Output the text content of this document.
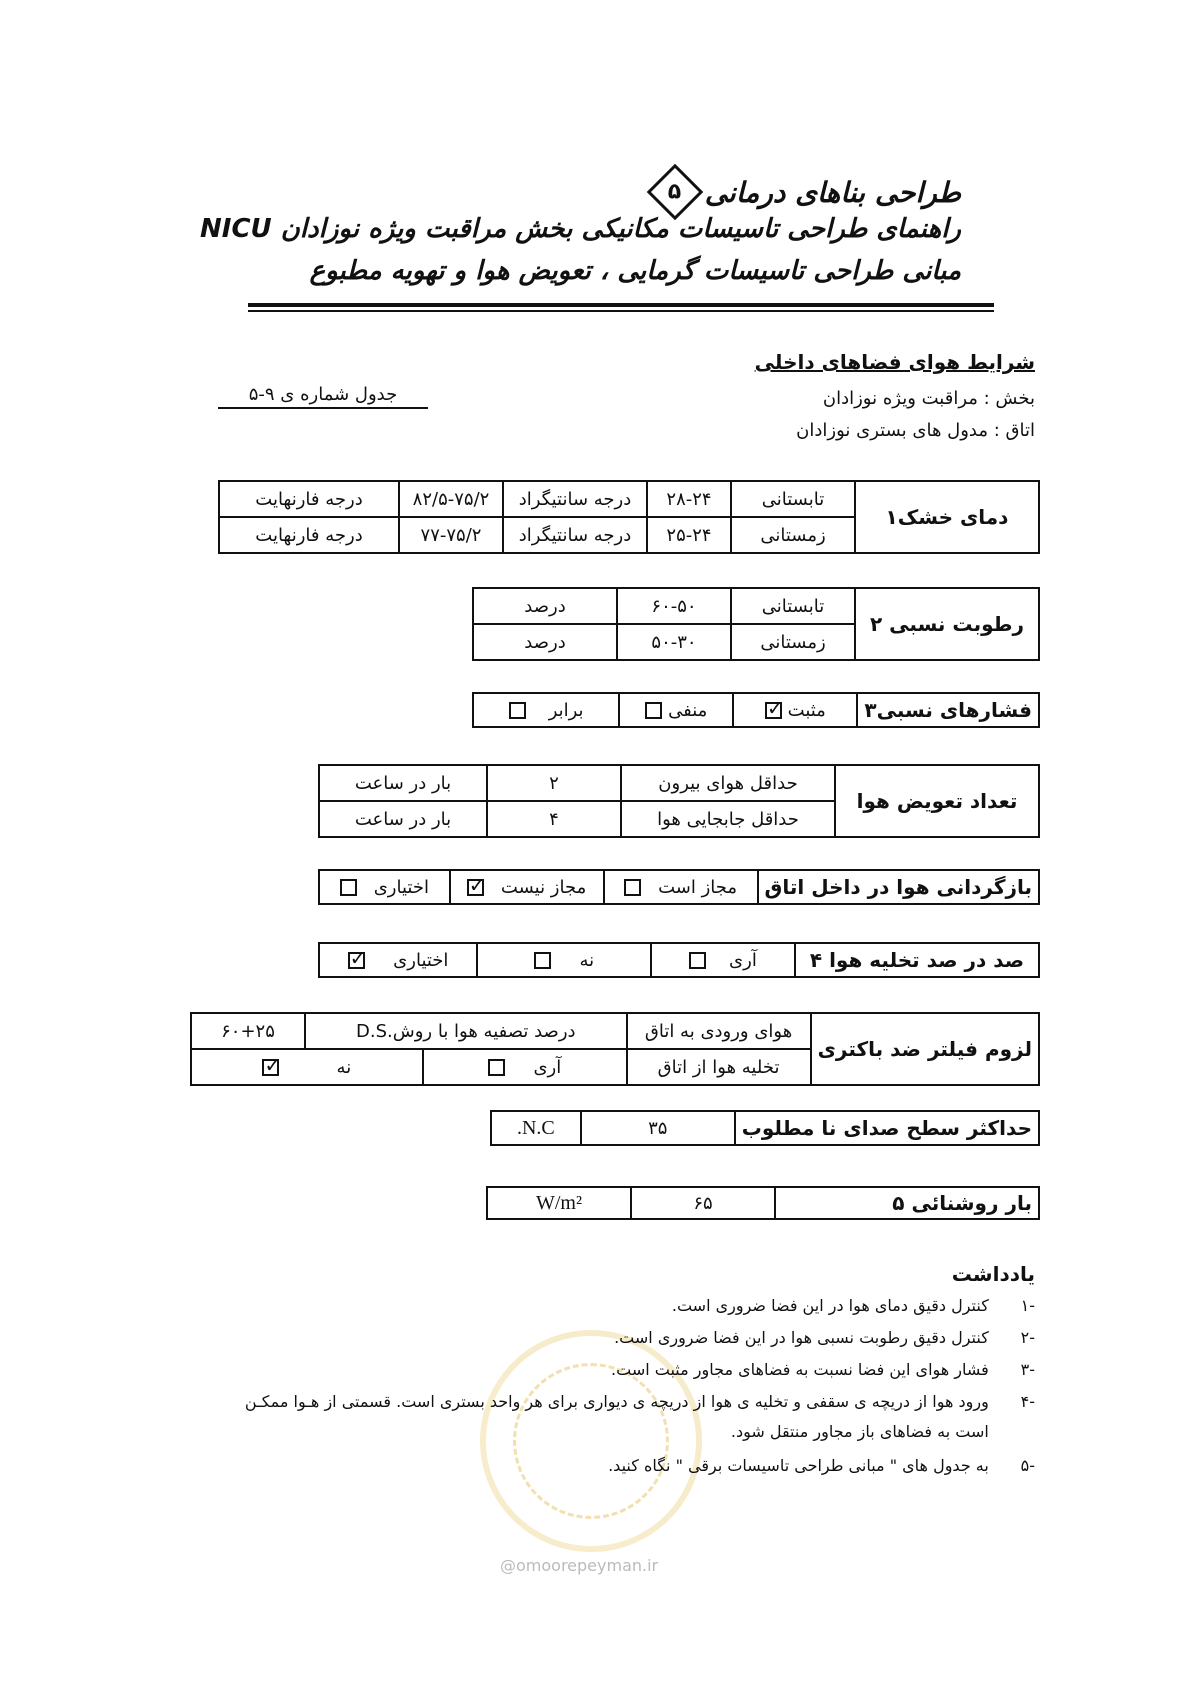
طراحی بناهای درمانی
۵
راهنمای طراحی تاسیسات مکانیکی بخش مراقبت ویژه نوزادان NICU
مبانی طراحی تاسیسات گرمایی ، تعویض هوا و تهویه مطبوع
شرایط هوای فضاهای داخلی
بخش : مراقبت ویژه نوزادان
اتاق : مدول های بستری نوزادان
جدول شماره ی ۹-۵
دمای خشک۱	تابستانی	۲۸-۲۴	درجه سانتیگراد	۸۲/۵-۷۵/۲	درجه فارنهایت
	زمستانی	۲۵-۲۴	درجه سانتیگراد	۷۷-۷۵/۲	درجه فارنهایت
رطوبت نسبی ۲	تابستانی	۶۰-۵۰	درصد
	زمستانی	۵۰-۳۰	درصد
فشارهای نسبی۳	مثبت ✓	منفی	برابر
تعداد تعویض هوا	حداقل هوای بیرون	۲	بار در ساعت
	حداقل جابجایی هوا	۴	بار در ساعت
بازگردانی هوا در داخل اتاق	مجاز است	مجاز نیست   ✓	اختیاری
صد در صد تخلیه هوا ۴	آری	نه	اختیاری     ✓
لزوم فیلتر ضد باکتری	هوای ورودی به اتاق	درصد تصفیه هوا با روش.D.S		۶۰+۲۵
	تخلیه هوا از اتاق	آری	نه          ✓
حداکثر سطح صدای نا مطلوب	۳۵	N.C.
بار روشنائی ۵	۶۵	W/m²
@omoorepeyman.ir
یادداشت
-۱  کنترل دقیق دمای هوا در این فضا ضروری است.
-۲  کنترل دقیق رطوبت نسبی هوا در این فضا ضروری است.
-۳  فشار هوای این فضا نسبت به فضاهای مجاور مثبت است.
-۴  ورود هوا از دریچه ی سقفی و تخلیه ی هوا از دریچه ی دیواری برای هر واحد بستری است. قسمتی از هـوا ممکـن
است به فضاهای باز مجاور منتقل شود.
-۵  به جدول های " مبانی طراحی تاسیسات برقی " نگاه کنید.
